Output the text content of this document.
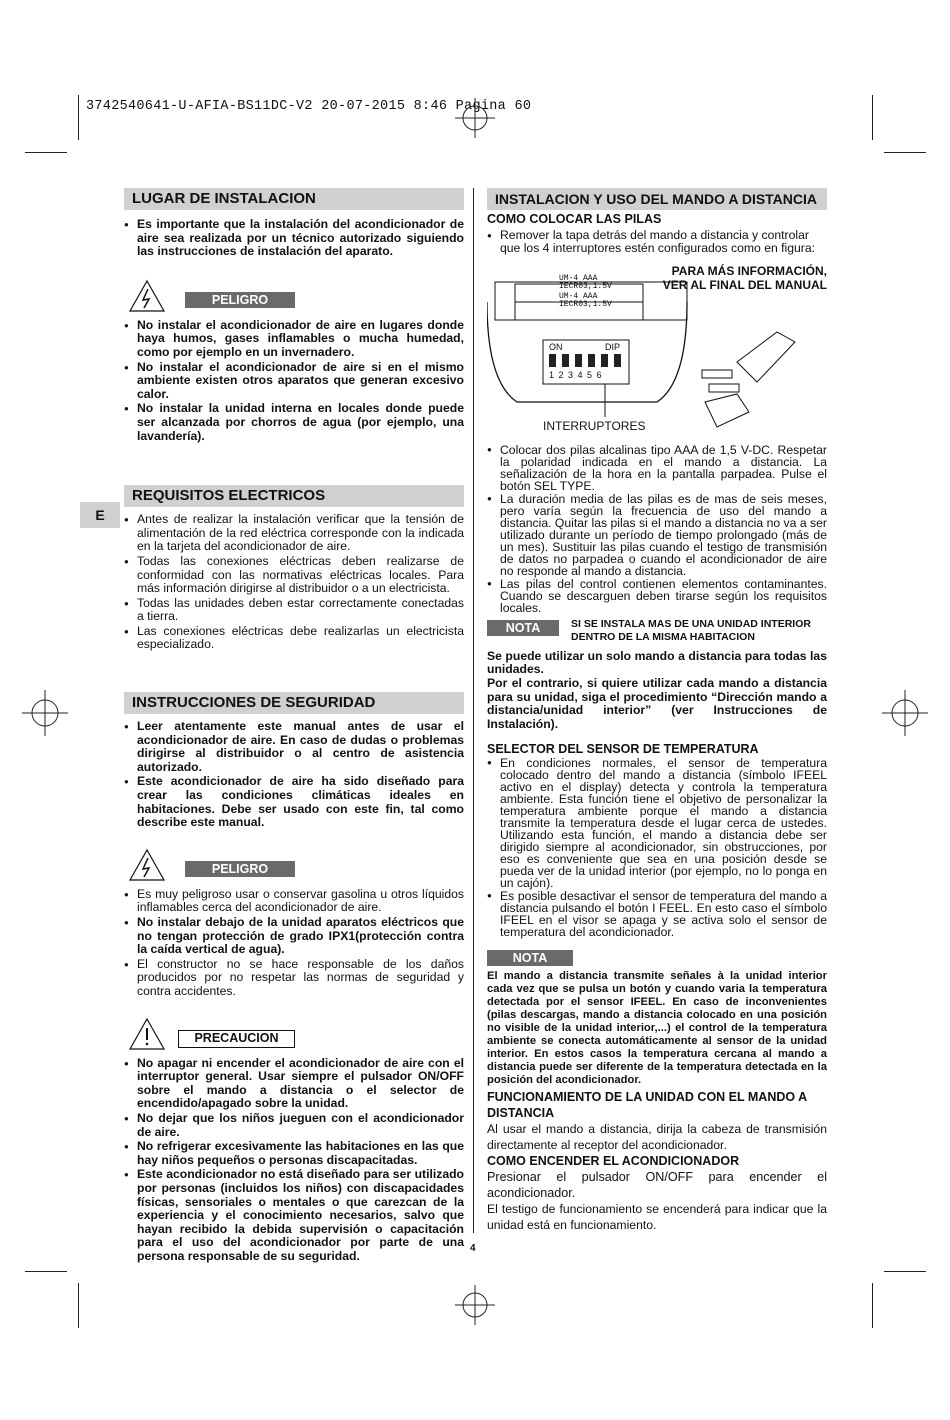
3742540641-U-AFIA-BS11DC-V2 20-07-2015 8:46 Pagina 60
E
LUGAR DE INSTALACION
● Es importante que la instalación del acondicionador de aire sea realizada por un técnico autorizado siguiendo las instrucciones de instalación del aparato.
PELIGRO
● No instalar el acondicionador de aire en lugares donde haya humos, gases inflamables o mucha humedad, como por ejemplo en un invernadero.
● No instalar el acondicionador de aire si en el mismo ambiente existen otros aparatos que generan excesivo calor.
● No instalar la unidad interna en locales donde puede ser alcanzada por chorros de agua (por ejemplo, una lavandería).
REQUISITOS ELECTRICOS
● Antes de realizar la instalación verificar que la tensión de alimentación de la red eléctrica corresponde con la indicada en la tarjeta del acondicionador de aire.
● Todas las conexiones eléctricas deben realizarse de conformidad con las normativas eléctricas locales. Para más información dirigirse al distribuidor o a un electricista.
● Todas las unidades deben estar correctamente conectadas a tierra.
● Las conexiones eléctricas debe realizarlas un electricista especializado.
INSTRUCCIONES DE SEGURIDAD
● Leer atentamente este manual antes de usar el acondicionador de aire. En caso de dudas o problemas dirigirse al distribuidor o al centro de asistencia autorizado.
● Este acondicionador de aire ha sido diseñado para crear las condiciones climáticas ideales en habitaciones. Debe ser usado con este fin, tal como describe este manual.
PELIGRO
● Es muy peligroso usar o conservar gasolina u otros líquidos inflamables cerca del acondicionador de aire.
● No instalar debajo de la unidad aparatos eléctricos que no tengan protección de grado IPX1(protección contra la caída vertical de agua).
● El constructor no se hace responsable de los daños producidos por no respetar las normas de seguridad y contra accidentes.
PRECAUCION
● No apagar ni encender el acondicionador de aire con el interruptor general. Usar siempre el pulsador ON/OFF sobre el mando a distancia o el selector de encendido/apagado sobre la unidad.
● No dejar que los niños jueguen con el acondicionador de aire.
● No refrigerar excesivamente las habitaciones en las que hay niños pequeños o personas discapacitadas.
● Este acondicionador no está diseñado para ser utilizado por personas (incluidos los niños) con discapacidades físicas, sensoriales o mentales o que carezcan de la experiencia y el conocimiento necesarios, salvo que hayan recibido la debida supervisión o capacitación para el uso del acondicionador por parte de una persona responsable de su seguridad.
INSTALACION Y USO DEL MANDO A DISTANCIA
COMO COLOCAR LAS PILAS
● Remover la tapa detrás del mando a distancia y controlar que los 4 interruptores estén configurados como en figura:
PARA MÁS INFORMACIÓN, VER AL FINAL DEL MANUAL
UM-4 AAA
IECR03,1.5V
UM-4 AAA
IECR03,1.5V
ON	DIP
1 2 3 4 5 6
INTERRUPTORES
● Colocar dos pilas alcalinas tipo AAA de 1,5 V-DC. Respetar la polaridad indicada en el mando a distancia. La señalización de la hora en la pantalla parpadea. Pulse el botón SEL TYPE.
● La duración media de las pilas es de mas de seis meses, pero varía según la frecuencia de uso del mando a distancia. Quitar las pilas si el mando a distancia no va a ser utilizado durante un período de tiempo prolongado (más de un mes). Sustituir las pilas cuando el testigo de transmisión de datos no parpadea o cuando el acondicionador de aire no responde al mando a distancia.
● Las pilas del control contienen elementos contaminantes. Cuando se descarguen deben tirarse según los requisitos locales.
NOTA	SI SE INSTALA MAS DE UNA UNIDAD INTERIOR DENTRO DE LA MISMA HABITACION
Se puede utilizar un solo mando a distancia para todas las unidades.
Por el contrario, si quiere utilizar cada mando a distancia para su unidad, siga el procedimiento “Dirección mando a distancia/unidad interior” (ver Instrucciones de Instalación).
SELECTOR DEL SENSOR DE TEMPERATURA
● En condiciones normales, el sensor de temperatura colocado dentro del mando a distancia (símbolo IFEEL activo en el display) detecta y controla la temperatura ambiente. Esta función tiene el objetivo de personalizar la temperatura ambiente porque el mando a distancia transmite la temperatura desde el lugar cerca de ustedes. Utilizando esta función, el mando a distancia debe ser dirigido siempre al acondicionador, sin obstrucciones, por eso es conveniente que sea en una posición desde se pueda ver de la unidad interior (por ejemplo, no lo ponga en un cajón).
● Es posible desactivar el sensor de temperatura del mando a distancia pulsando el botón I FEEL. En esto caso el símbolo IFEEL en el visor se apaga y se activa solo el sensor de temperatura del acondicionador.
NOTA
El mando a distancia transmite señales à la unidad interior cada vez que se pulsa un botón y cuando varia la temperatura detectada por el sensor IFEEL. En caso de inconvenientes (pilas descargas, mando a distancia colocado en una posición no visible de la unidad interior,...) el control de la temperatura ambiente se conecta automáticamente al sensor de la unidad interior. En estos casos la temperatura cercana al mando a distancia puede ser diferente de la temperatura detectada en la posición del acondicionador.
FUNCIONAMIENTO DE LA UNIDAD CON EL MANDO A DISTANCIA
Al usar el mando a distancia, dirija la cabeza de transmisión directamente al receptor del acondicionador.
COMO ENCENDER EL ACONDICIONADOR
Presionar el pulsador ON/OFF para encender el acondicionador.
El testigo de funcionamiento se encenderá para indicar que la unidad está en funcionamiento.
4
